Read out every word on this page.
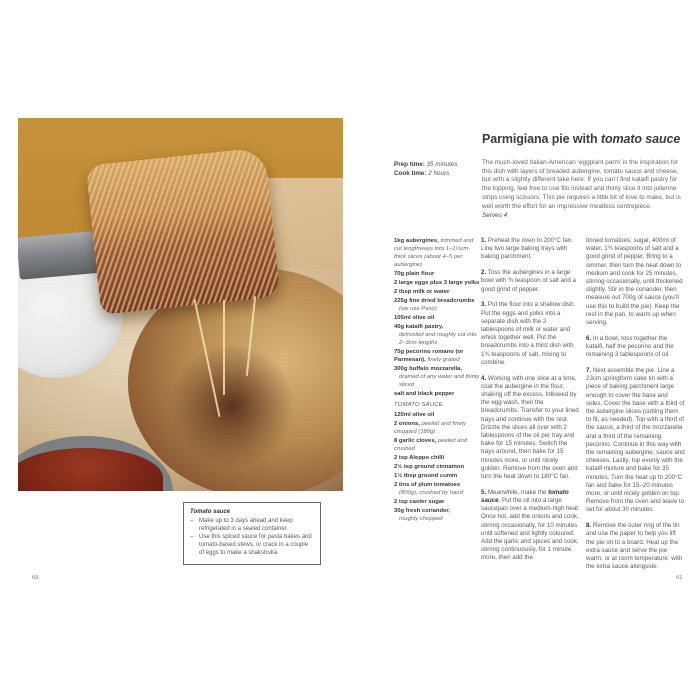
Tomato sauce
– Make up to 3 days ahead and keep refrigerated in a sealed container.
– Use this spiced sauce for pasta bakes and tomato-based stews, or crack in a couple of eggs to make a shakshuka.
60
Parmigiana pie with tomato sauce
Prep time: 35 minutes
Cook time: 2 hours
The much-loved Italian-American ‘eggplant parm’ is the inspiration for this dish with layers of breaded aubergine, tomato sauce and cheese, but with a slightly different take here. If you can’t find kataifi pastry for the topping, feel free to use filo instead and thinly slice it into julienne strips using scissors. This pie requires a little bit of love to make, but is well worth the effort for an impressive meatless centrepiece.
Serves 4
1kg aubergines, trimmed and cut lengthways into 1–1½cm-thick slices (about 4–5 per aubergine)
70g plain flour
2 large eggs plus 3 large yolks
2 tbsp milk or water
225g fine dried breadcrumbs
(we use Paxo)
105ml olive oil
40g kataifi pastry,
defrosted and roughly cut into 2–3cm lengths
75g pecorino romano (or Parmesan), finely grated
300g buffalo mozzarella,
drained of any water and thinly sliced
salt and black pepper
TOMATO SAUCE
120ml olive oil
2 onions, peeled and finely chopped (180g)
8 garlic cloves, peeled and crushed
2 tsp Aleppo chilli
2½ tsp ground cinnamon
1½ tbsp ground cumin
2 tins of plum tomatoes
(800g), crushed by hand
2 tsp caster sugar
30g fresh coriander,
roughly chopped
1. Preheat the oven to 200°C fan. Line two large baking trays with baking parchment.
2. Toss the aubergines in a large bowl with ¾ teaspoon of salt and a good grind of pepper.
3. Put the flour into a shallow dish. Put the eggs and yolks into a separate dish with the 2 tablespoons of milk or water and whisk together well. Put the breadcrumbs into a third dish with 1¾ teaspoons of salt, mixing to combine.
4. Working with one slice at a time, coat the aubergine in the flour, shaking off the excess, followed by the egg wash, then the breadcrumbs. Transfer to your lined trays and continue with the rest. Drizzle the slices all over with 2 tablespoons of the oil per tray and bake for 15 minutes. Switch the trays around, then bake for 15 minutes more, or until nicely golden. Remove from the oven and turn the heat down to 180°C fan.
5. Meanwhile, make the tomato sauce. Put the oil into a large saucepan over a medium-high heat. Once hot, add the onions and cook, stirring occasionally, for 10 minutes until softened and lightly coloured. Add the garlic and spices and cook, stirring continuously, for 1 minute more, then add the
tinned tomatoes, sugar, 400ml of water, 1¾ teaspoons of salt and a good grind of pepper. Bring to a simmer, then turn the heat down to medium and cook for 25 minutes, stirring occasionally, until thickened slightly. Stir in the coriander, then measure out 700g of sauce (you’ll use this to build the pie). Keep the rest in the pan, to warm up when serving.
6. In a bowl, toss together the kataifi, half the pecorino and the remaining 3 tablespoons of oil.
7. Next assemble the pie. Line a 23cm springform cake tin with a piece of baking parchment large enough to cover the base and sides. Cover the base with a third of the aubergine slices (cutting them to fit, as needed). Top with a third of the sauce, a third of the mozzarella and a third of the remaining pecorino. Continue in this way with the remaining aubergine, sauce and cheeses. Lastly, top evenly with the kataifi mixture and bake for 35 minutes. Turn the heat up to 200°C fan and bake for 15–20 minutes more, or until nicely golden on top. Remove from the oven and leave to set for about 30 minutes.
8. Remove the outer ring of the tin and use the paper to help you lift the pie on to a board. Heat up the extra sauce and serve the pie warm, or at room temperature, with the extra sauce alongside.
61
